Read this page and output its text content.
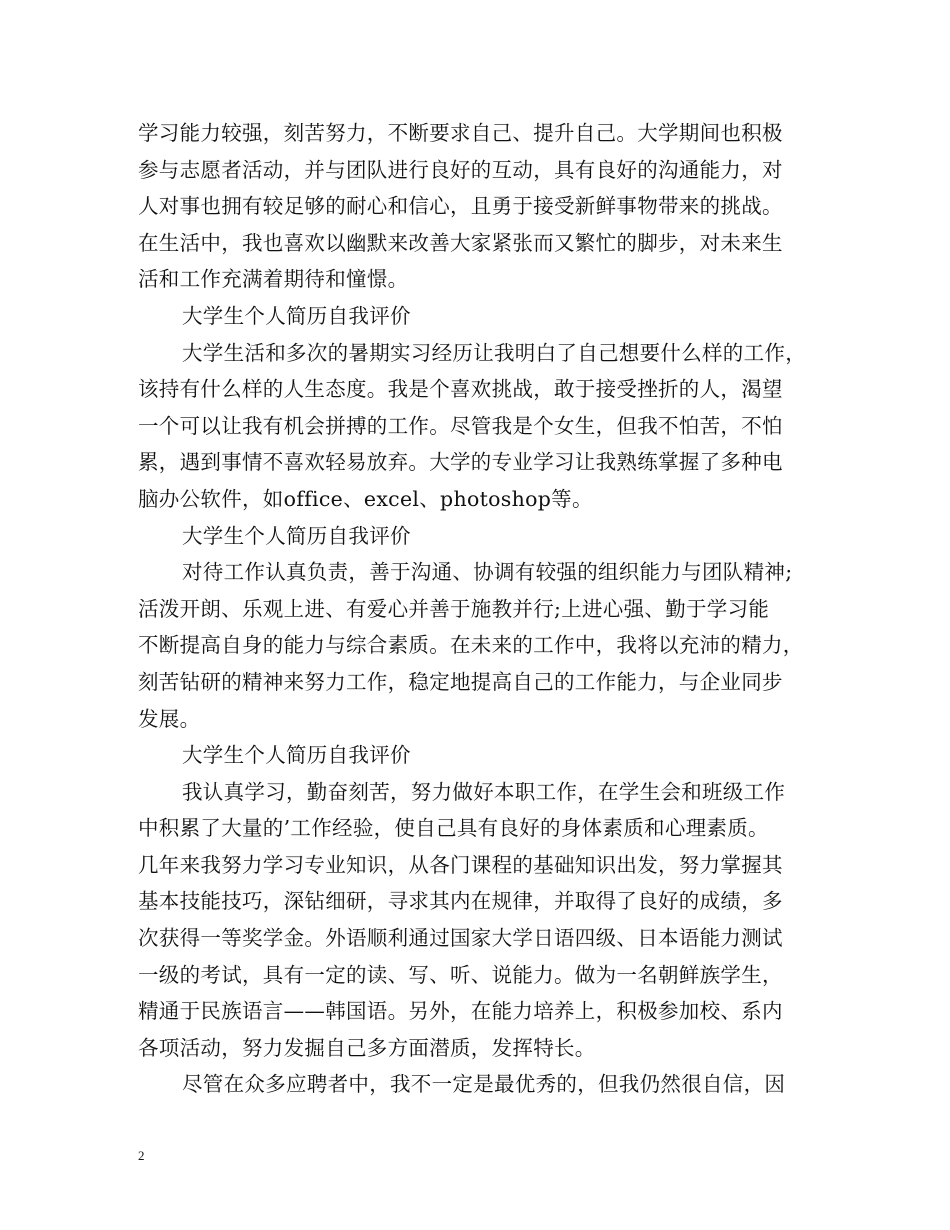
学习能力较强，刻苦努力，不断要求自己、提升自己。大学期间也积极
参与志愿者活动，并与团队进行良好的互动，具有良好的沟通能力，对
人对事也拥有较足够的耐心和信心，且勇于接受新鲜事物带来的挑战。
在生活中，我也喜欢以幽默来改善大家紧张而又繁忙的脚步，对未来生
活和工作充满着期待和憧憬。
大学生个人简历自我评价
大学生活和多次的暑期实习经历让我明白了自己想要什么样的工作，
该持有什么样的人生态度。我是个喜欢挑战，敢于接受挫折的人，渴望
一个可以让我有机会拼搏的工作。尽管我是个女生，但我不怕苦，不怕
累，遇到事情不喜欢轻易放弃。大学的专业学习让我熟练掌握了多种电
脑办公软件，如office、excel、photoshop等。
大学生个人简历自我评价
对待工作认真负责，善于沟通、协调有较强的组织能力与团队精神;
活泼开朗、乐观上进、有爱心并善于施教并行;上进心强、勤于学习能
不断提高自身的能力与综合素质。在未来的工作中，我将以充沛的精力，
刻苦钻研的精神来努力工作，稳定地提高自己的工作能力，与企业同步
发展。
大学生个人简历自我评价
我认真学习，勤奋刻苦，努力做好本职工作，在学生会和班级工作
中积累了大量的’工作经验，使自己具有良好的身体素质和心理素质。
几年来我努力学习专业知识，从各门课程的基础知识出发，努力掌握其
基本技能技巧，深钻细研，寻求其内在规律，并取得了良好的成绩，多
次获得一等奖学金。外语顺利通过国家大学日语四级、日本语能力测试
一级的考试，具有一定的读、写、听、说能力。做为一名朝鲜族学生，
精通于民族语言——韩国语。另外，在能力培养上，积极参加校、系内
各项活动，努力发掘自己多方面潜质，发挥特长。
尽管在众多应聘者中，我不一定是最优秀的，但我仍然很自信，因
2
